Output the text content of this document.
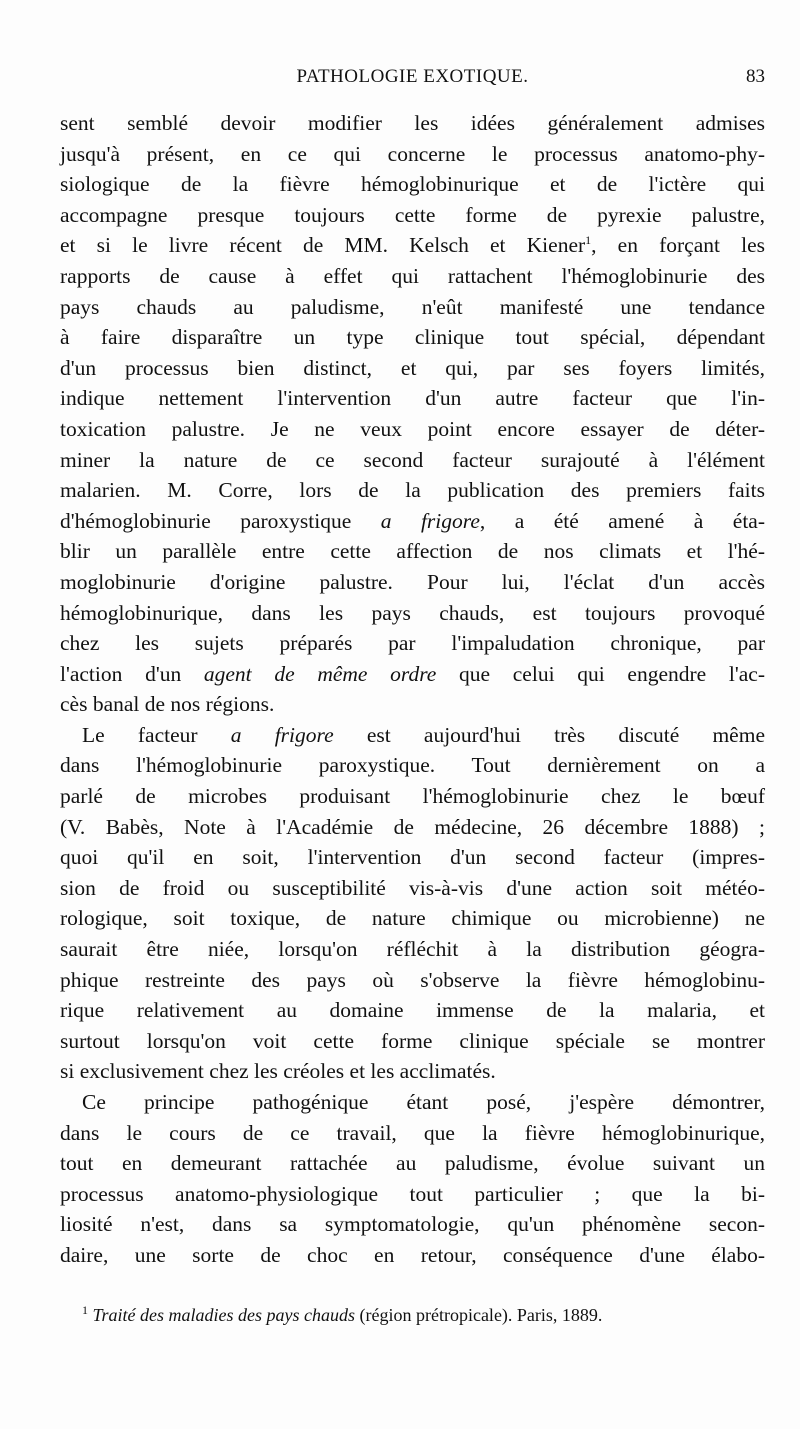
PATHOLOGIE EXOTIQUE.	83
sent semblé devoir modifier les idées généralement admises
jusqu'à présent, en ce qui concerne le processus anatomo-phy-
siologique de la fièvre hémoglobinurique et de l'ictère qui
accompagne presque toujours cette forme de pyrexie palustre,
et si le livre récent de MM. Kelsch et Kiener$^1$, en forçant les
rapports de cause à effet qui rattachent l'hémoglobinurie des
pays chauds au paludisme, n'eût manifesté une tendance
à faire disparaître un type clinique tout spécial, dépendant
d'un processus bien distinct, et qui, par ses foyers limités,
indique nettement l'intervention d'un autre facteur que l'in-
toxication palustre. Je ne veux point encore essayer de déter-
miner la nature de ce second facteur surajouté à l'élément
malarien. M. Corre, lors de la publication des premiers faits
d'hémoglobinurie paroxystique a frigore, a été amené à éta-
blir un parallèle entre cette affection de nos climats et l'hé-
moglobinurie d'origine palustre. Pour lui, l'éclat d'un accès
hémoglobinurique, dans les pays chauds, est toujours provoqué
chez les sujets préparés par l'impaludation chronique, par
l'action d'un agent de même ordre que celui qui engendre l'ac-
cès banal de nos régions.
Le facteur a frigore est aujourd'hui très discuté même
dans l'hémoglobinurie paroxystique. Tout dernièrement on a
parlé de microbes produisant l'hémoglobinurie chez le bœuf
(V. Babès, Note à l'Académie de médecine, 26 décembre 1888) ;
quoi qu'il en soit, l'intervention d'un second facteur (impres-
sion de froid ou susceptibilité vis-à-vis d'une action soit météo-
rologique, soit toxique, de nature chimique ou microbienne) ne
saurait être niée, lorsqu'on réfléchit à la distribution géogra-
phique restreinte des pays où s'observe la fièvre hémoglobinu-
rique relativement au domaine immense de la malaria, et
surtout lorsqu'on voit cette forme clinique spéciale se montrer
si exclusivement chez les créoles et les acclimatés.
Ce principe pathogénique étant posé, j'espère démontrer,
dans le cours de ce travail, que la fièvre hémoglobinurique,
tout en demeurant rattachée au paludisme, évolue suivant un
processus anatomo-physiologique tout particulier ; que la bi-
liosité n'est, dans sa symptomatologie, qu'un phénomène secon-
daire, une sorte de choc en retour, conséquence d'une élabo-
$^1$ Traité des maladies des pays chauds (région prétropicale). Paris, 1889.
